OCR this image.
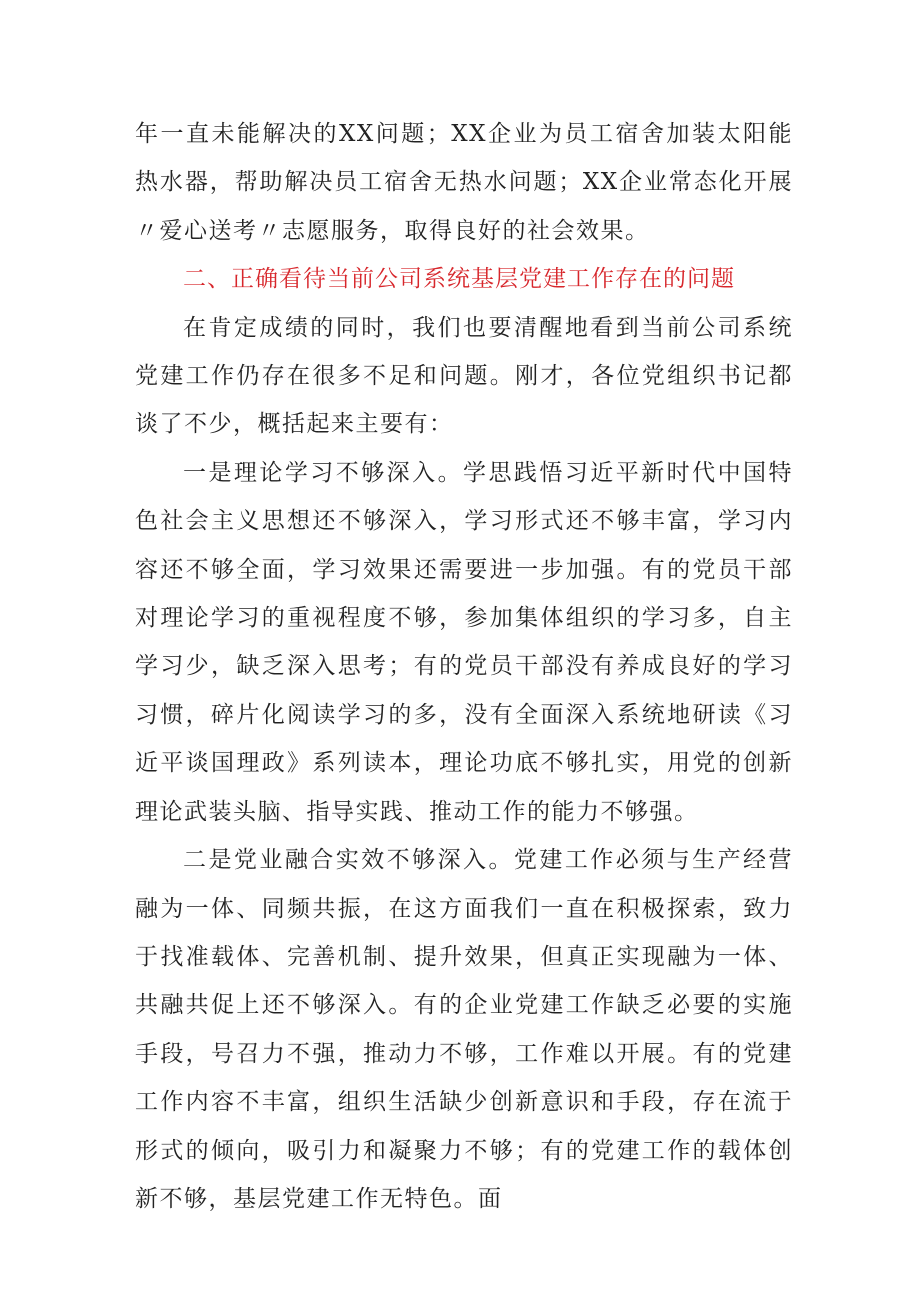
年一直未能解决的XX问题；XX企业为员工宿舍加装太阳能热水器，帮助解决员工宿舍无热水问题；XX企业常态化开展〃爱心送考〃志愿服务，取得良好的社会效果。

二、正确看待当前公司系统基层党建工作存在的问题

在肯定成绩的同时，我们也要清醒地看到当前公司系统党建工作仍存在很多不足和问题。刚才，各位党组织书记都谈了不少，概括起来主要有：

一是理论学习不够深入。学思践悟习近平新时代中国特色社会主义思想还不够深入，学习形式还不够丰富，学习内容还不够全面，学习效果还需要进一步加强。有的党员干部对理论学习的重视程度不够，参加集体组织的学习多，自主学习少，缺乏深入思考；有的党员干部没有养成良好的学习习惯，碎片化阅读学习的多，没有全面深入系统地研读《习近平谈国理政》系列读本，理论功底不够扎实，用党的创新理论武装头脑、指导实践、推动工作的能力不够强。

二是党业融合实效不够深入。党建工作必须与生产经营融为一体、同频共振，在这方面我们一直在积极探索，致力于找准载体、完善机制、提升效果，但真正实现融为一体、共融共促上还不够深入。有的企业党建工作缺乏必要的实施手段，号召力不强，推动力不够，工作难以开展。有的党建工作内容不丰富，组织生活缺少创新意识和手段，存在流于形式的倾向，吸引力和凝聚力不够；有的党建工作的载体创新不够，基层党建工作无特色。面
